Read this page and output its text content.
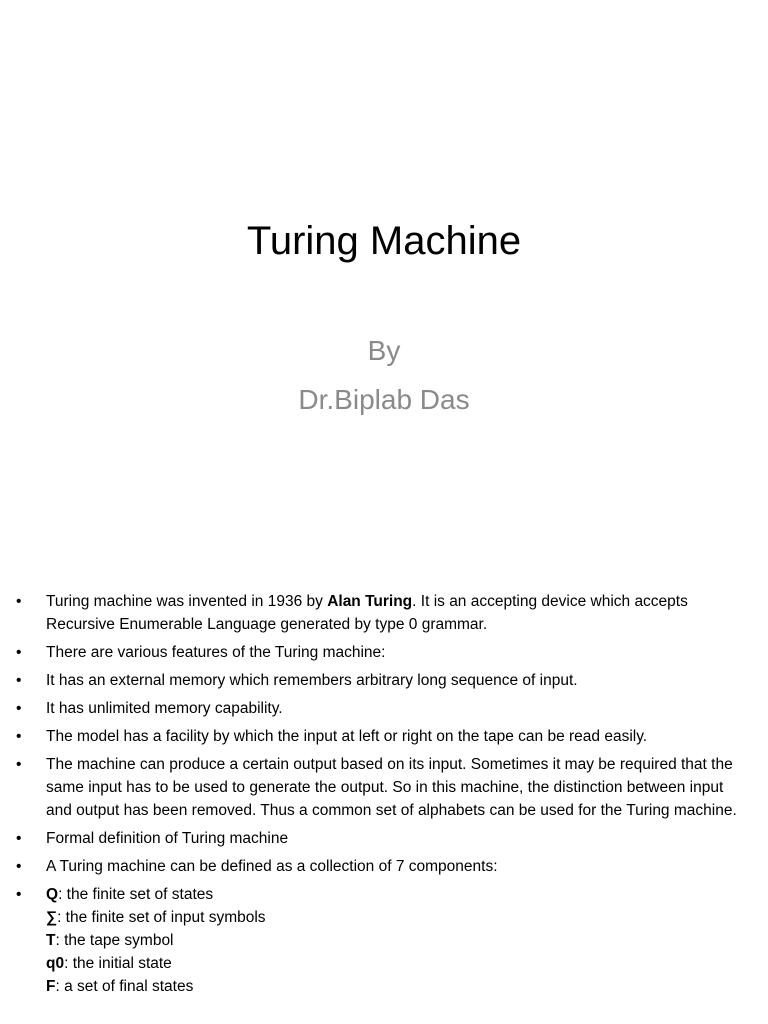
Turing Machine
By
Dr.Biplab Das
• Turing machine was invented in 1936 by Alan Turing. It is an accepting device which accepts Recursive Enumerable Language generated by type 0 grammar.
• There are various features of the Turing machine:
• It has an external memory which remembers arbitrary long sequence of input.
• It has unlimited memory capability.
• The model has a facility by which the input at left or right on the tape can be read easily.
• The machine can produce a certain output based on its input. Sometimes it may be required that the same input has to be used to generate the output. So in this machine, the distinction between input and output has been removed. Thus a common set of alphabets can be used for the Turing machine.
• Formal definition of Turing machine
• A Turing machine can be defined as a collection of 7 components:
• Q: the finite set of states
∑: the finite set of input symbols
T: the tape symbol
q0: the initial state
F: a set of final states
